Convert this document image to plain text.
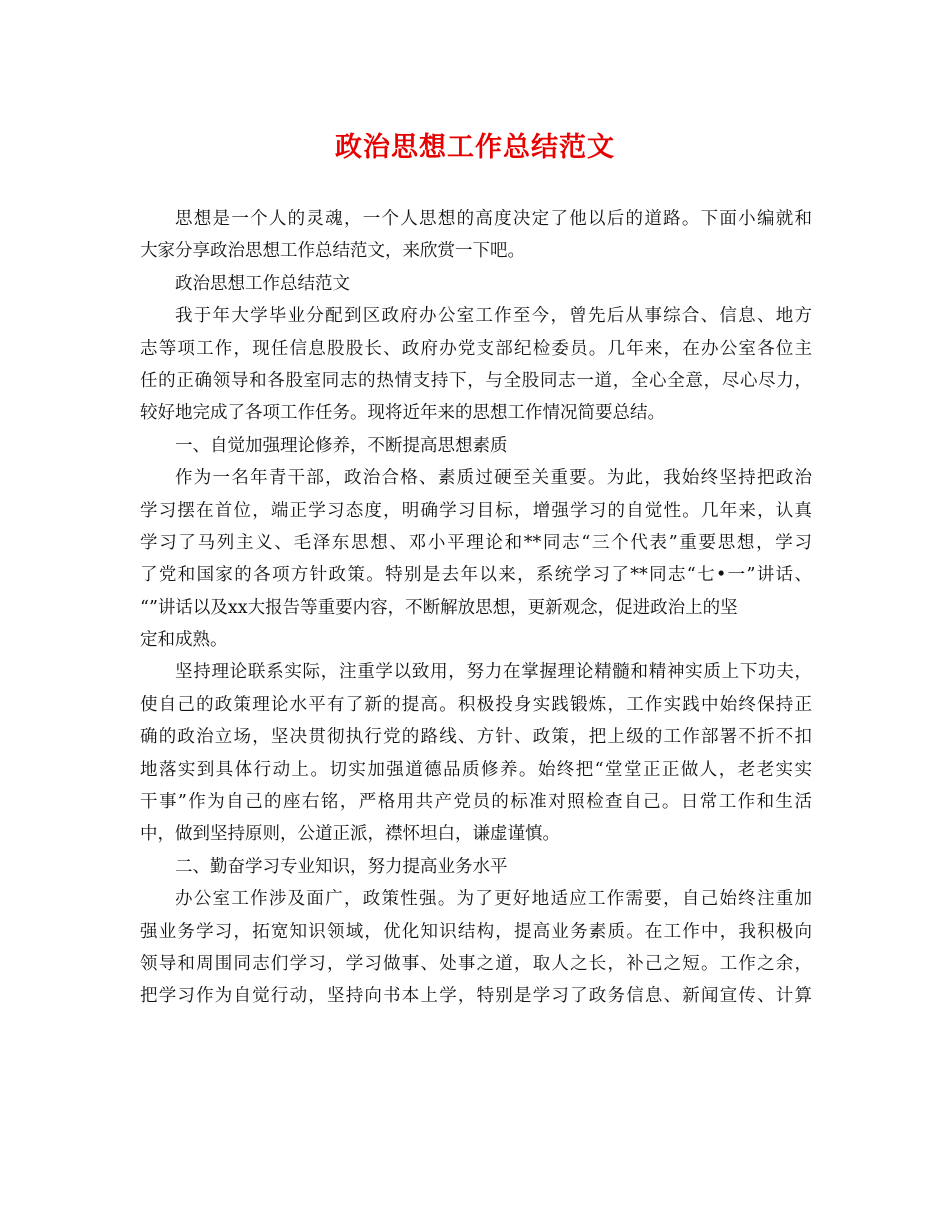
政治思想工作总结范文
思想是一个人的灵魂，一个人思想的高度决定了他以后的道路。下面小编就和
大家分享政治思想工作总结范文，来欣赏一下吧。
政治思想工作总结范文
我于年大学毕业分配到区政府办公室工作至今，曾先后从事综合、信息、地方
志等项工作，现任信息股股长、政府办党支部纪检委员。几年来，在办公室各位主
任的正确领导和各股室同志的热情支持下，与全股同志一道，全心全意，尽心尽力，
较好地完成了各项工作任务。现将近年来的思想工作情况简要总结。
一、自觉加强理论修养，不断提高思想素质
作为一名年青干部，政治合格、素质过硬至关重要。为此，我始终坚持把政治
学习摆在首位，端正学习态度，明确学习目标，增强学习的自觉性。几年来，认真
学习了马列主义、毛泽东思想、邓小平理论和**同志“三个代表”重要思想，学习
了党和国家的各项方针政策。特别是去年以来，系统学习了**同志“七•一”讲话、
“”讲话以及xx大报告等重要内容，不断解放思想，更新观念，促进政治上的坚
定和成熟。
坚持理论联系实际，注重学以致用，努力在掌握理论精髓和精神实质上下功夫，
使自己的政策理论水平有了新的提高。积极投身实践锻炼，工作实践中始终保持正
确的政治立场，坚决贯彻执行党的路线、方针、政策，把上级的工作部署不折不扣
地落实到具体行动上。切实加强道德品质修养。始终把“堂堂正正做人，老老实实
干事”作为自己的座右铭，严格用共产党员的标准对照检查自己。日常工作和生活
中，做到坚持原则，公道正派，襟怀坦白，谦虚谨慎。
二、勤奋学习专业知识，努力提高业务水平
办公室工作涉及面广，政策性强。为了更好地适应工作需要，自己始终注重加
强业务学习，拓宽知识领域，优化知识结构，提高业务素质。在工作中，我积极向
领导和周围同志们学习，学习做事、处事之道，取人之长，补己之短。工作之余，
把学习作为自觉行动，坚持向书本上学，特别是学习了政务信息、新闻宣传、计算
